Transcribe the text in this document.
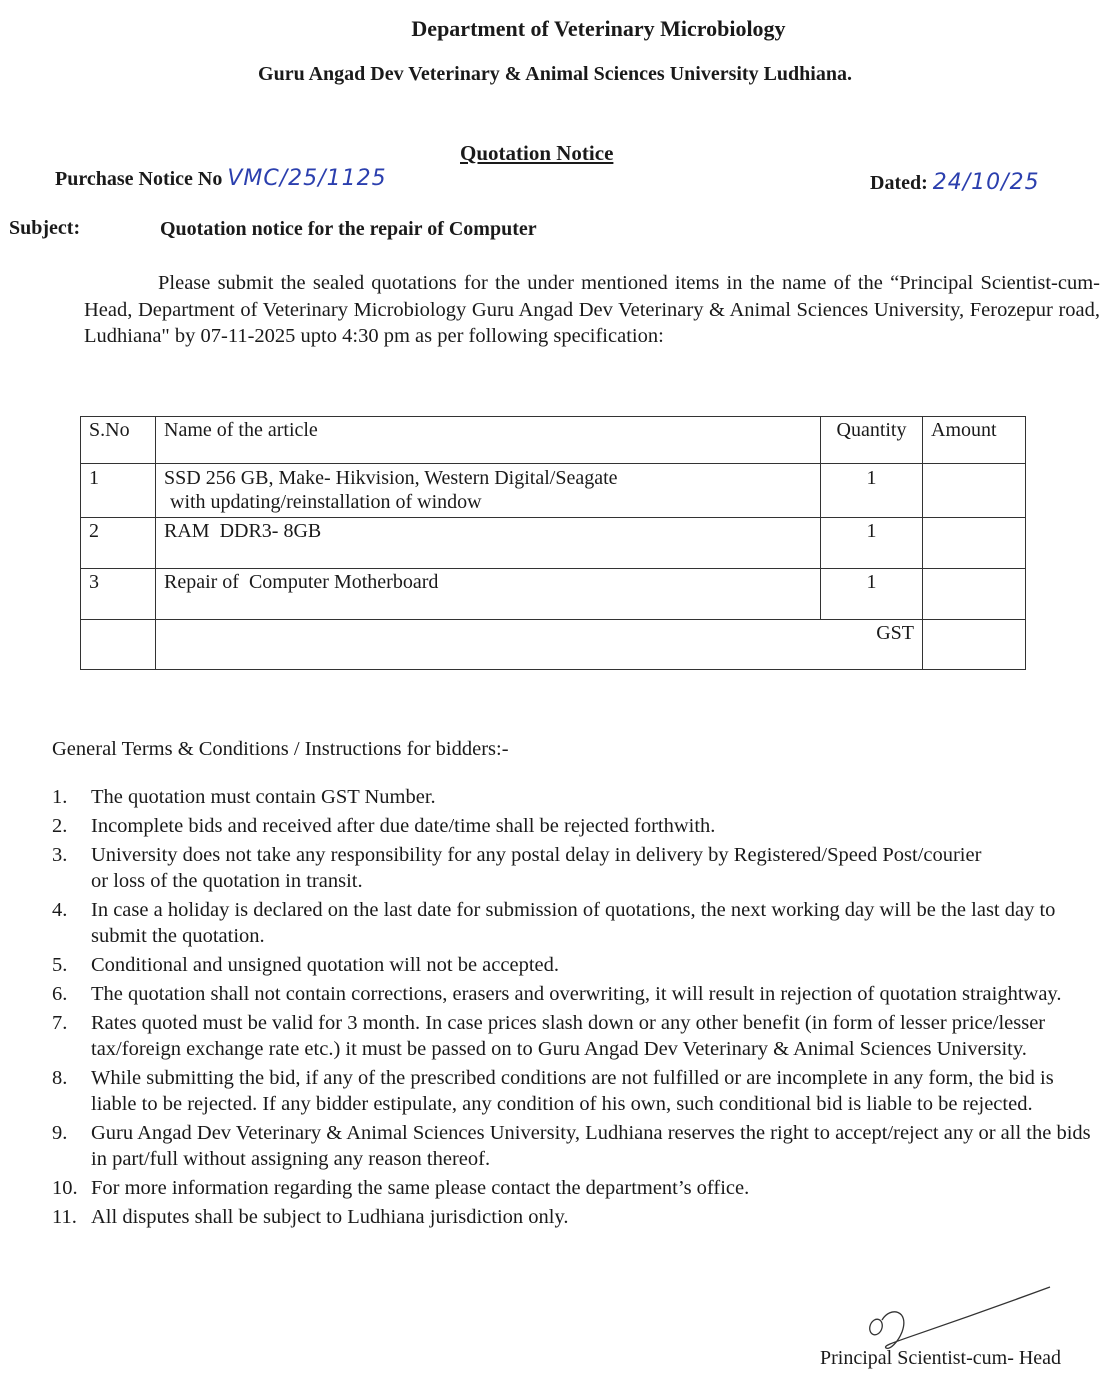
Department of Veterinary Microbiology
Guru Angad Dev Veterinary & Animal Sciences University Ludhiana.
Quotation Notice
Purchase Notice No VMC/25/1125	Dated: 24/10/25
Subject:	Quotation notice for the repair of Computer
Please submit the sealed quotations for the under mentioned items in the name of the “Principal Scientist-cum-Head, Department of Veterinary Microbiology Guru Angad Dev Veterinary & Animal Sciences University, Ferozepur road, Ludhiana" by 07-11-2025 upto 4:30 pm as per following specification:
S.No	Name of the article	Quantity	Amount
1	SSD 256 GB, Make- Hikvision, Western Digital/Seagate
with updating/reinstallation of window	1	
2	RAM  DDR3- 8GB	1	
3	Repair of  Computer Motherboard	1	
	GST		
General Terms & Conditions / Instructions for bidders:-
1. The quotation must contain GST Number.
2. Incomplete bids and received after due date/time shall be rejected forthwith.
3. University does not take any responsibility for any postal delay in delivery by Registered/Speed Post/courier or loss of the quotation in transit.
4. In case a holiday is declared on the last date for submission of quotations, the next working day will be the last day to submit the quotation.
5. Conditional and unsigned quotation will not be accepted.
6. The quotation shall not contain corrections, erasers and overwriting, it will result in rejection of quotation straightway.
7. Rates quoted must be valid for 3 month. In case prices slash down or any other benefit (in form of lesser price/lesser tax/foreign exchange rate etc.) it must be passed on to Guru Angad Dev Veterinary & Animal Sciences University.
8. While submitting the bid, if any of the prescribed conditions are not fulfilled or are incomplete in any form, the bid is liable to be rejected. If any bidder estipulate, any condition of his own, such conditional bid is liable to be rejected.
9. Guru Angad Dev Veterinary & Animal Sciences University, Ludhiana reserves the right to accept/reject any or all the bids in part/full without assigning any reason thereof.
10. For more information regarding the same please contact the department’s office.
11. All disputes shall be subject to Ludhiana jurisdiction only.
Principal Scientist-cum- Head
